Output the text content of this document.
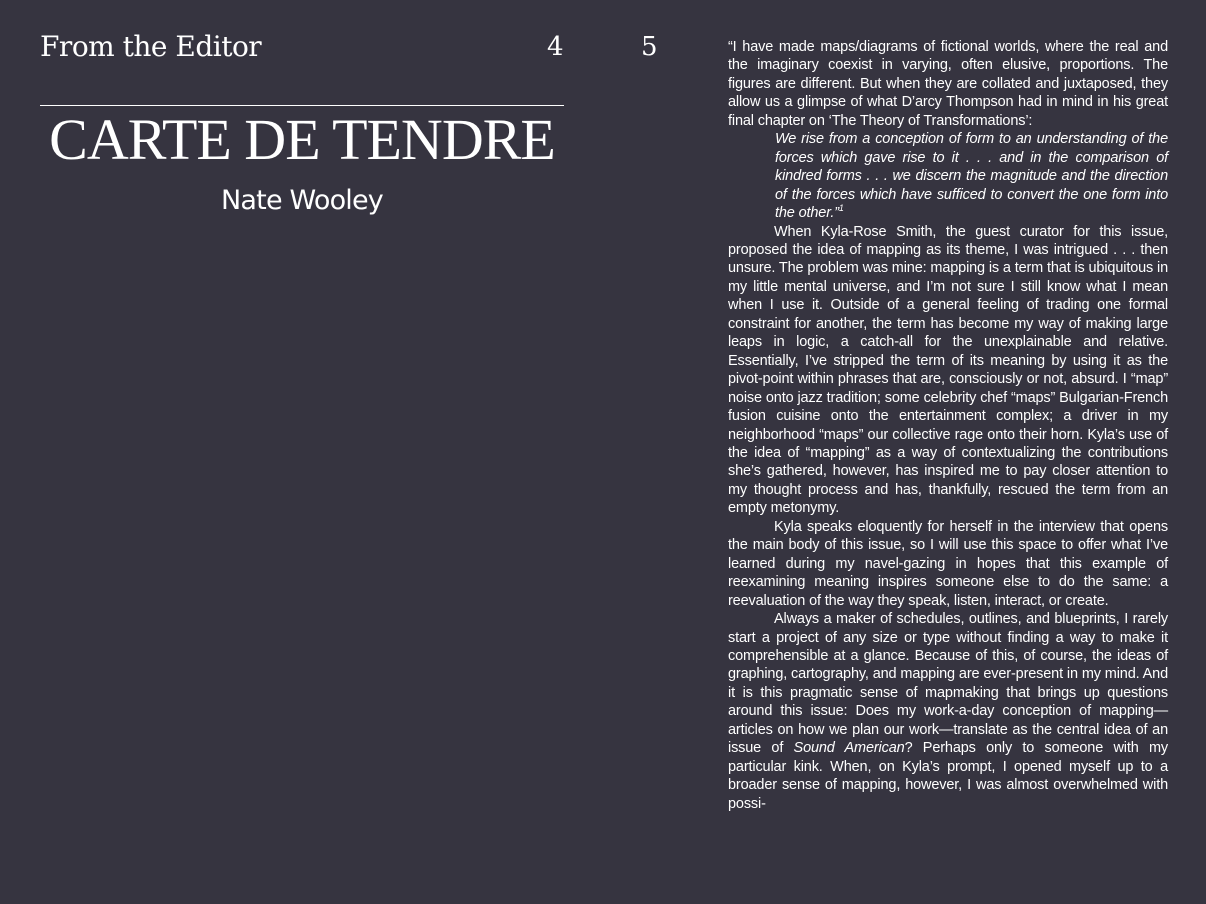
From the Editor	4	5
CARTE DE TENDRE
Nate Wooley

“I have made maps/diagrams of fictional worlds, where the real and the imaginary coexist in varying, often elusive, proportions. The figures are different. But when they are collated and juxtaposed, they allow us a glimpse of what D’arcy Thompson had in mind in his great final chapter on ‘The Theory of Transformations’:

We rise from a conception of form to an understanding of the forces which gave rise to it . . . and in the comparison of kindred forms . . . we discern the magnitude and the direction of the forces which have sufficed to convert the one form into the other.”$^1$

When Kyla-Rose Smith, the guest curator for this issue, proposed the idea of mapping as its theme, I was intrigued . . . then unsure. The problem was mine: mapping is a term that is ubiquitous in my little mental universe, and I’m not sure I still know what I mean when I use it. Outside of a general feeling of trading one formal constraint for another, the term has become my way of making large leaps in logic, a catch-all for the unexplainable and relative. Essentially, I’ve stripped the term of its meaning by using it as the pivot-point within phrases that are, consciously or not, absurd. I “map” noise onto jazz tradition; some celebrity chef “maps” Bulgarian-French fusion cuisine onto the entertainment complex; a driver in my neighborhood “maps” our collective rage onto their horn. Kyla’s use of the idea of “mapping” as a way of contextualizing the contributions she’s gathered, however, has inspired me to pay closer attention to my thought process and has, thankfully, rescued the term from an empty metonymy.

Kyla speaks eloquently for herself in the interview that opens the main body of this issue, so I will use this space to offer what I’ve learned during my navel-gazing in hopes that this example of reexamining meaning inspires someone else to do the same: a reevaluation of the way they speak, listen, interact, or create.

Always a maker of schedules, outlines, and blueprints, I rarely start a project of any size or type without finding a way to make it comprehensible at a glance. Because of this, of course, the ideas of graphing, cartography, and mapping are ever-present in my mind. And it is this pragmatic sense of mapmaking that brings up questions around this issue: Does my work-a-day conception of mapping—articles on how we plan our work—translate as the central idea of an issue of Sound American? Perhaps only to someone with my particular kink. When, on Kyla’s prompt, I opened myself up to a broader sense of mapping, however, I was almost overwhelmed with possi-
